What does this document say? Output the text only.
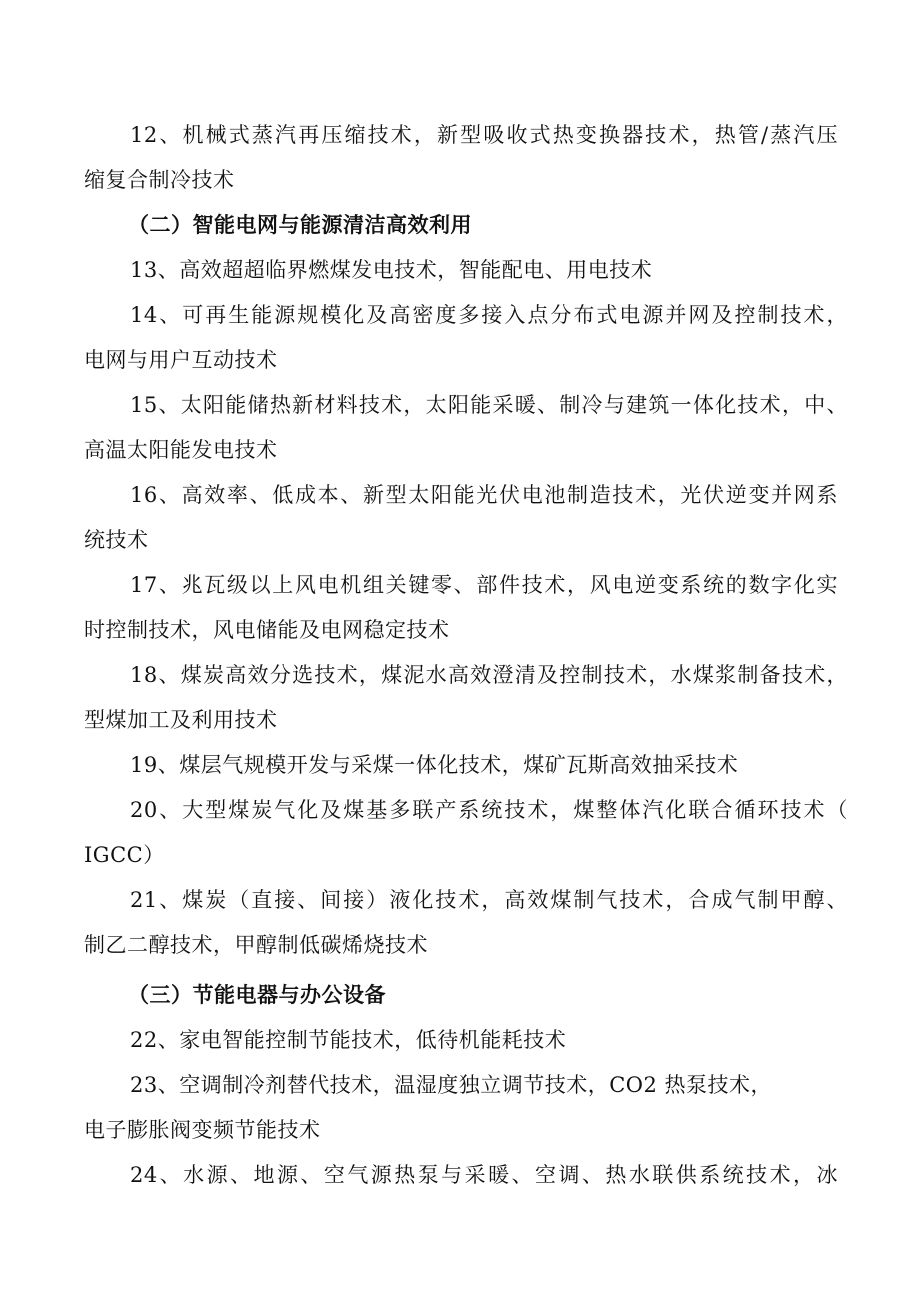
12、机械式蒸汽再压缩技术，新型吸收式热变换器技术，热管/蒸汽压
缩复合制冷技术
（二）智能电网与能源清洁高效利用
13、高效超超临界燃煤发电技术，智能配电、用电技术
14、可再生能源规模化及高密度多接入点分布式电源并网及控制技术，
电网与用户互动技术
15、太阳能储热新材料技术，太阳能采暖、制冷与建筑一体化技术，中、
高温太阳能发电技术
16、高效率、低成本、新型太阳能光伏电池制造技术，光伏逆变并网系
统技术
17、兆瓦级以上风电机组关键零、部件技术，风电逆变系统的数字化实
时控制技术，风电储能及电网稳定技术
18、煤炭高效分选技术，煤泥水高效澄清及控制技术，水煤浆制备技术，
型煤加工及利用技术
19、煤层气规模开发与采煤一体化技术，煤矿瓦斯高效抽采技术
20、大型煤炭气化及煤基多联产系统技术，煤整体汽化联合循环技术（
IGCC）
21、煤炭（直接、间接）液化技术，高效煤制气技术，合成气制甲醇、
制乙二醇技术，甲醇制低碳烯烧技术
（三）节能电器与办公设备
22、家电智能控制节能技术，低待机能耗技术
23、空调制冷剂替代技术，温湿度独立调节技术，CO2 热泵技术，
电子膨胀阀变频节能技术
24、水源、地源、空气源热泵与采暖、空调、热水联供系统技术，冰
